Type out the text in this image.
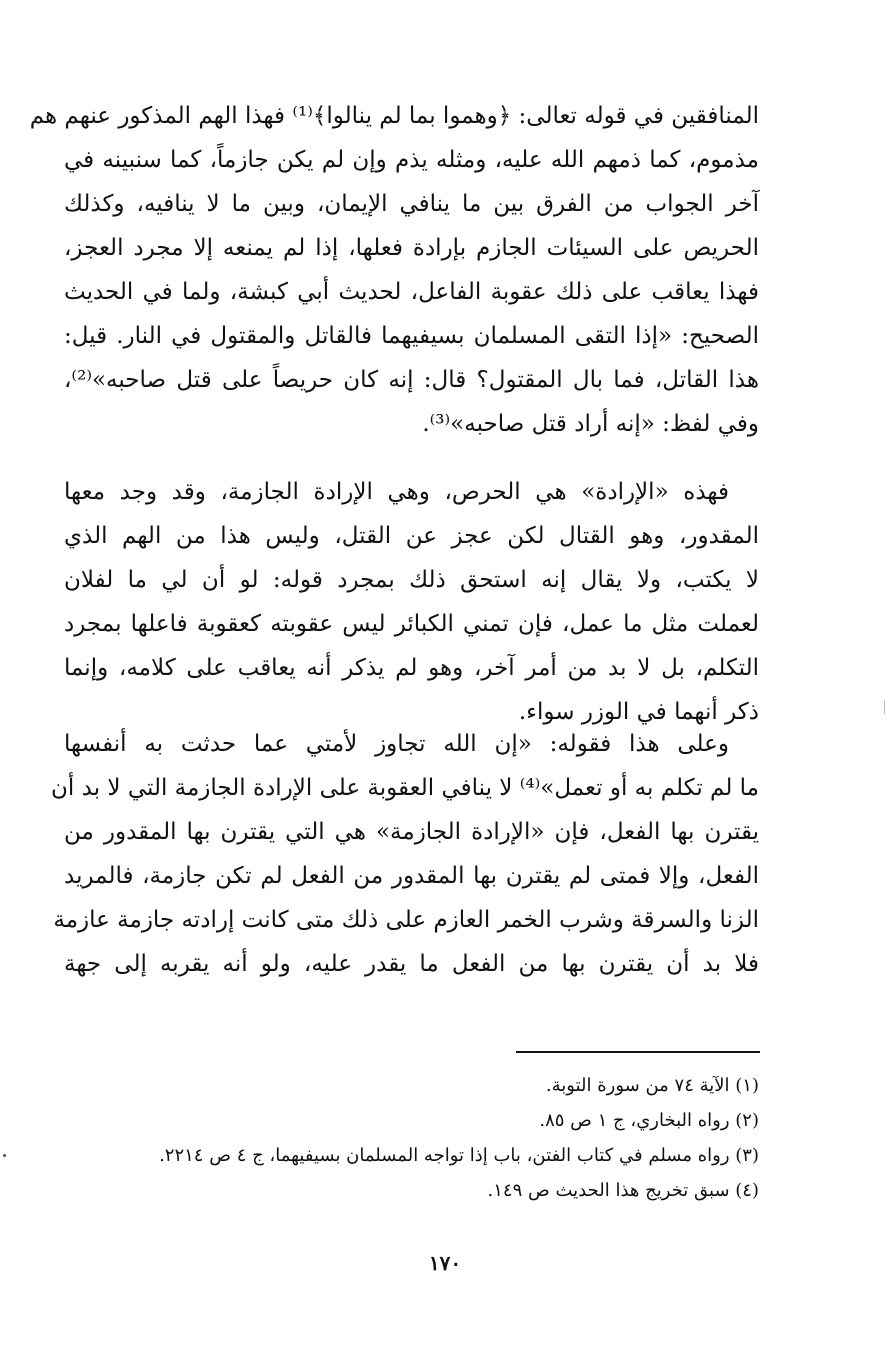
المنافقين في قوله تعالى: ﴿وهموا بما لم ينالوا﴾⁽¹⁾ فهذا الهم المذكور عنهم هم
مذموم، كما ذمهم الله عليه، ومثله يذم وإن لم يكن جازماً، كما سنبينه في
آخر الجواب من الفرق بين ما ينافي الإيمان، وبين ما لا ينافيه، وكذلك
الحريص على السيئات الجازم بإرادة فعلها، إذا لم يمنعه إلا مجرد العجز،
فهذا يعاقب على ذلك عقوبة الفاعل، لحديث أبي كبشة، ولما في الحديث
الصحيح: «إذا التقى المسلمان بسيفيهما فالقاتل والمقتول في النار. قيل:
هذا القاتل، فما بال المقتول؟ قال: إنه كان حريصاً على قتل صاحبه»⁽²⁾،
وفي لفظ: «إنه أراد قتل صاحبه»⁽³⁾.
فهذه «الإرادة» هي الحرص، وهي الإرادة الجازمة، وقد وجد معها
المقدور، وهو القتال لكن عجز عن القتل، وليس هذا من الهم الذي
لا يكتب، ولا يقال إنه استحق ذلك بمجرد قوله: لو أن لي ما لفلان
لعملت مثل ما عمل، فإن تمني الكبائر ليس عقوبته كعقوبة فاعلها بمجرد
التكلم، بل لا بد من أمر آخر، وهو لم يذكر أنه يعاقب على كلامه، وإنما
ذكر أنهما في الوزر سواء.
وعلى هذا فقوله: «إن الله تجاوز لأمتي عما حدثت به أنفسها
ما لم تكلم به أو تعمل»⁽⁴⁾ لا ينافي العقوبة على الإرادة الجازمة التي لا بد أن
يقترن بها الفعل، فإن «الإرادة الجازمة» هي التي يقترن بها المقدور من
الفعل، وإلا فمتى لم يقترن بها المقدور من الفعل لم تكن جازمة، فالمريد
الزنا والسرقة وشرب الخمر العازم على ذلك متى كانت إرادته جازمة عازمة
فلا بد أن يقترن بها من الفعل ما يقدر عليه، ولو أنه يقربه إلى جهة
(١) الآية ٧٤ من سورة التوبة.
(٢) رواه البخاري، ج ١ ص ٨٥.
(٣) رواه مسلم في كتاب الفتن، باب إذا تواجه المسلمان بسيفيهما، ج ٤ ص ٢٢١٤.
(٤) سبق تخريج هذا الحديث ص ١٤٩.
١٧٠
